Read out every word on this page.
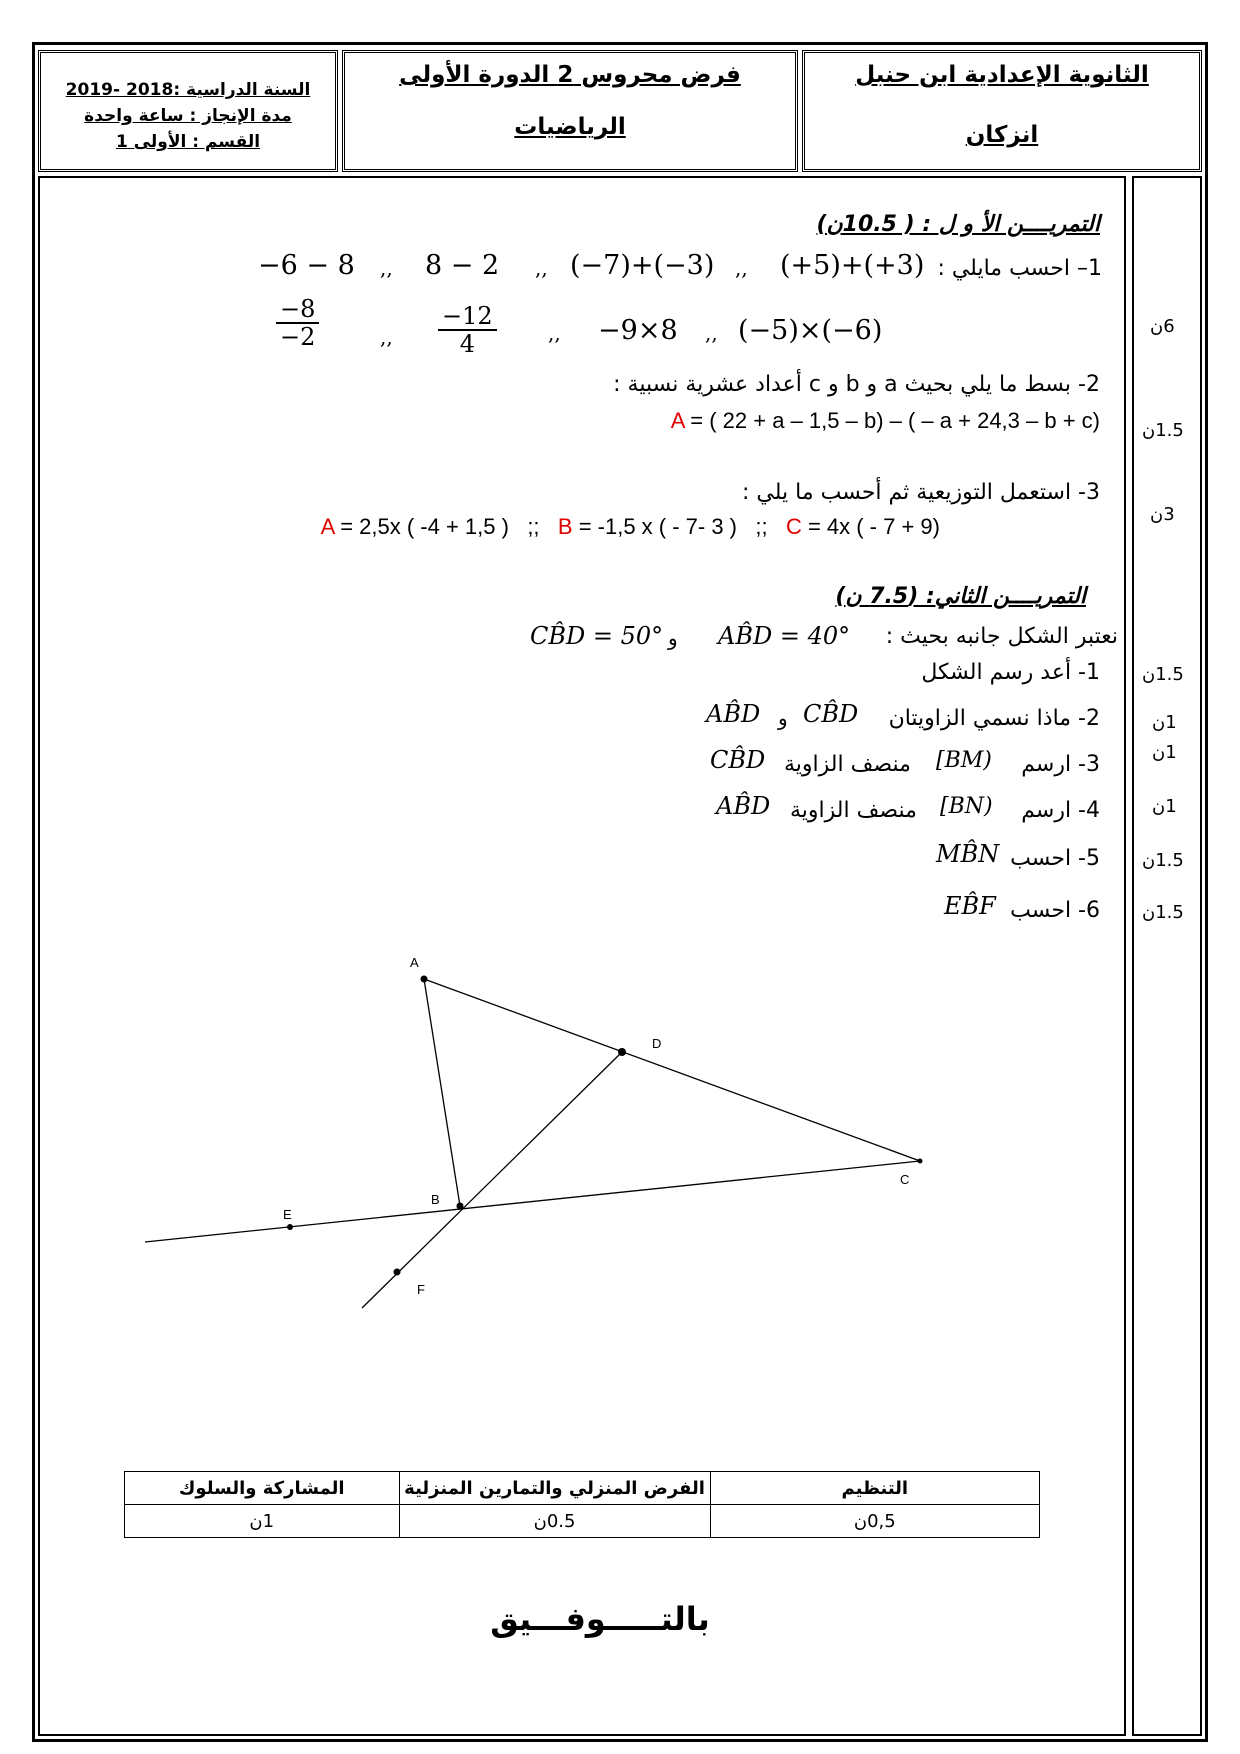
الثانوية الإعدادية ابن حنبل
انزكان
فرض محروس 2 الدورة الأولى
الرياضيات
السنة الدراسية :2018 -2019
مدة الإنجاز : ساعة واحدة
القسم : الأولى 1
التمريــــن الأ و ل : ( 10.5ن)
1– احسب مايلي :
(+5)+(+3)
,,
(−7)+(−3)
,,
8 − 2
,,
−6 − 8
(−5)×(−6)
,,
8×9−
,,
$\frac{-12}{4}$
,,
$\frac{-8}{-2}$
2- بسط ما يلي بحيث a و b و c أعداد عشرية نسبية :
A = ( 22 + a – 1,5 – b) – ( – a + 24,3 – b + c)
3- استعمل التوزيعية ثم أحسب ما يلي :
A = 2,5x ( -4 + 1,5 ) ;; B = -1,5 x ( - 7- 3 ) ;; C = 4x ( - 7 + 9)
6ن
1.5ن
3ن
التمريــــن الثاني: (7.5 ن)
نعتبر الشكل جانبه بحيث :
AB̂D = 40°
و
CB̂D = 50°
1- أعد رسم الشكل
2- ماذا نسمي الزاويتان
CB̂D
و
AB̂D
3- ارسم
[BM)
منصف الزاوية
CB̂D
4- ارسم
[BN)
منصف الزاوية
AB̂D
5- احسب
MB̂N
6- احسب
EB̂F
1.5ن
1ن
1ن
1ن
1.5ن
1.5ن
A
D
B
C
E
F
المشاركة والسلوك	الفرض المنزلي والتمارين المنزلية	التنظيم
1ن	0.5ن	0,5ن
بالتـــــوفـــيق
